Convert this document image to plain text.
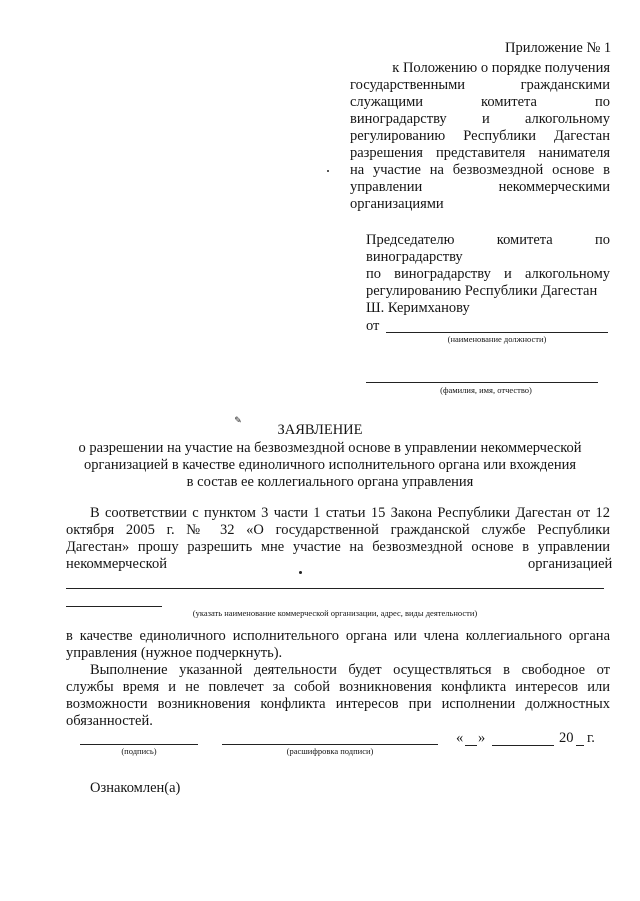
Приложение № 1
к Положению о порядке получения
государственными гражданскими
служащими комитета по
виноградарству и алкогольному
регулированию Республики Дагестан
разрешения представителя нанимателя
на участие на безвозмездной основе в
управлении некоммерческими
организациями
Председателю комитета по
виноградарству
по виноградарству и алкогольному
регулированию Республики Дагестан
Ш. Керимханову
от
(наименование должности)
(фамилия, имя, отчество)
$_✎$
ЗАЯВЛЕНИЕ
о разрешении на участие на безвозмездной основе в управлении некоммерческой
организацией в качестве единоличного исполнительного органа или вхождения
в состав ее коллегиального органа управления
В соответствии с пунктом 3 части 1 статьи 15 Закона Республики Дагестан от 12
октября 2005 г. № 32 «О государственной гражданской службе Республики
Дагестан» прошу разрешить мне участие на безвозмездной основе в управлении
некоммерческой	организацией
(указать наименование коммерческой организации, адрес, виды деятельности)
в качестве единоличного исполнительного органа или члена коллегиального органа
управления (нужное подчеркнуть).
Выполнение указанной деятельности будет осуществляться в свободное от
службы время и не повлечет за собой возникновения конфликта интересов или
возможности возникновения конфликта интересов при исполнении должностных
обязанностей.
(подпись)	(расшифровка подписи)
« »	20 г.
Ознакомлен(а)
